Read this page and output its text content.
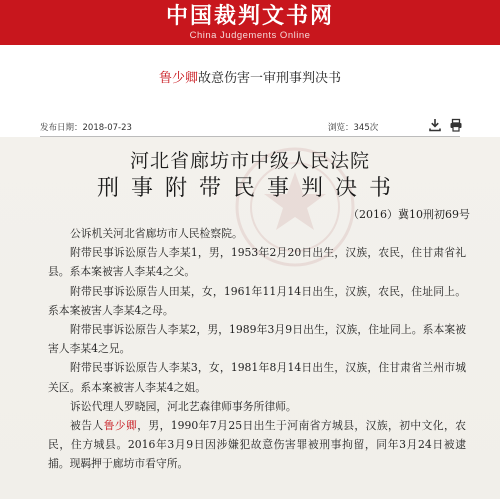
中国裁判文书网
China Judgements Online
鲁少卿故意伤害一审刑事判决书
发布日期：2018-07-23	浏览：345次

河北省廊坊市中级人民法院
刑事附带民事判决书
（2016）冀10刑初69号

公诉机关河北省廊坊市人民检察院。

附带民事诉讼原告人李某1，男，1953年2月20日出生，汉族，农民，住甘肃省礼县。系本案被害人李某4之父。

附带民事诉讼原告人田某，女，1961年11月14日出生，汉族，农民，住址同上。系本案被害人李某4之母。

附带民事诉讼原告人李某2，男，1989年3月9日出生，汉族，住址同上。系本案被害人李某4之兄。

附带民事诉讼原告人李某3，女，1981年8月14日出生，汉族，住甘肃省兰州市城关区。系本案被害人李某4之姐。

诉讼代理人罗晓园，河北艺森律师事务所律师。

被告人鲁少卿，男，1990年7月25日出生于河南省方城县，汉族，初中文化，农民，住方城县。2016年3月9日因涉嫌犯故意伤害罪被刑事拘留，同年3月24日被逮捕。现羁押于廊坊市看守所。
